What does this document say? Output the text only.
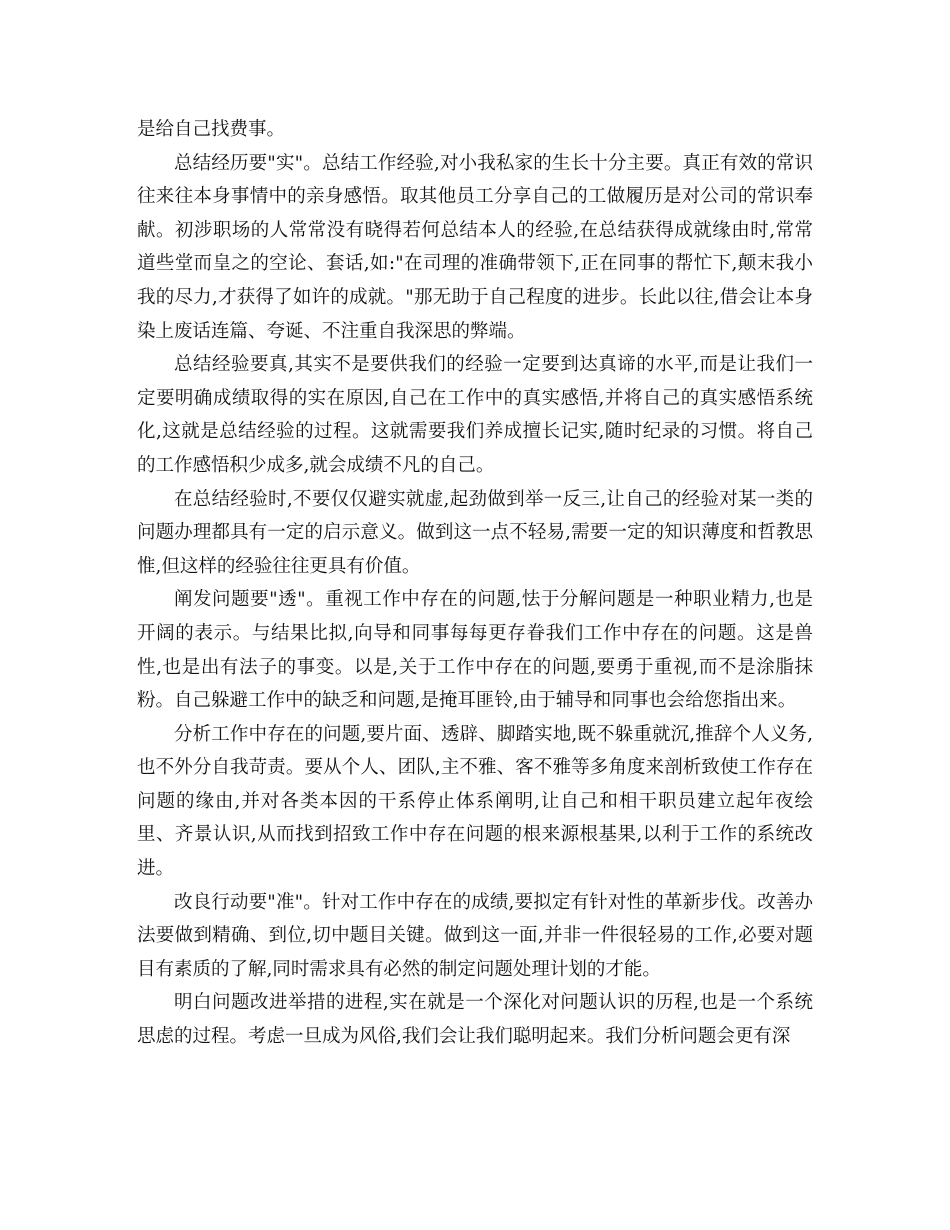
是给自己找费事。

总结经历要"实"。总结工作经验,对小我私家的生长十分主要。真正有效的常识往来往本身事情中的亲身感悟。取其他员工分享自己的工做履历是对公司的常识奉献。初涉职场的人常常没有晓得若何总结本人的经验,在总结获得成就缘由时,常常道些堂而皇之的空论、套话,如:"在司理的准确带领下,正在同事的帮忙下,颠末我小我的尽力,才获得了如许的成就。"那无助于自己程度的进步。长此以往,借会让本身染上废话连篇、夸诞、不注重自我深思的弊端。

总结经验要真,其实不是要供我们的经验一定要到达真谛的水平,而是让我们一定要明确成绩取得的实在原因,自己在工作中的真实感悟,并将自己的真实感悟系统化,这就是总结经验的过程。这就需要我们养成擅长记实,随时纪录的习惯。将自己的工作感悟积少成多,就会成绩不凡的自己。

在总结经验时,不要仅仅避实就虚,起劲做到举一反三,让自己的经验对某一类的问题办理都具有一定的启示意义。做到这一点不轻易,需要一定的知识薄度和哲教思惟,但这样的经验往往更具有价值。

阐发问题要"透"。重视工作中存在的问题,怯于分解问题是一种职业精力,也是开阔的表示。与结果比拟,向导和同事每每更存眷我们工作中存在的问题。这是兽性,也是出有法子的事变。以是,关于工作中存在的问题,要勇于重视,而不是涂脂抹粉。自己躲避工作中的缺乏和问题,是掩耳匪铃,由于辅导和同事也会给您指出来。

分析工作中存在的问题,要片面、透辟、脚踏实地,既不躲重就沉,推辞个人义务,也不外分自我苛责。要从个人、团队,主不雅、客不雅等多角度来剖析致使工作存在问题的缘由,并对各类本因的干系停止体系阐明,让自己和相干职员建立起年夜绘里、齐景认识,从而找到招致工作中存在问题的根来源根基果,以利于工作的系统改进。

改良行动要"准"。针对工作中存在的成绩,要拟定有针对性的革新步伐。改善办法要做到精确、到位,切中题目关键。做到这一面,并非一件很轻易的工作,必要对题目有素质的了解,同时需求具有必然的制定问题处理计划的才能。

明白问题改进举措的进程,实在就是一个深化对问题认识的历程,也是一个系统思虑的过程。考虑一旦成为风俗,我们会让我们聪明起来。我们分析问题会更有深
